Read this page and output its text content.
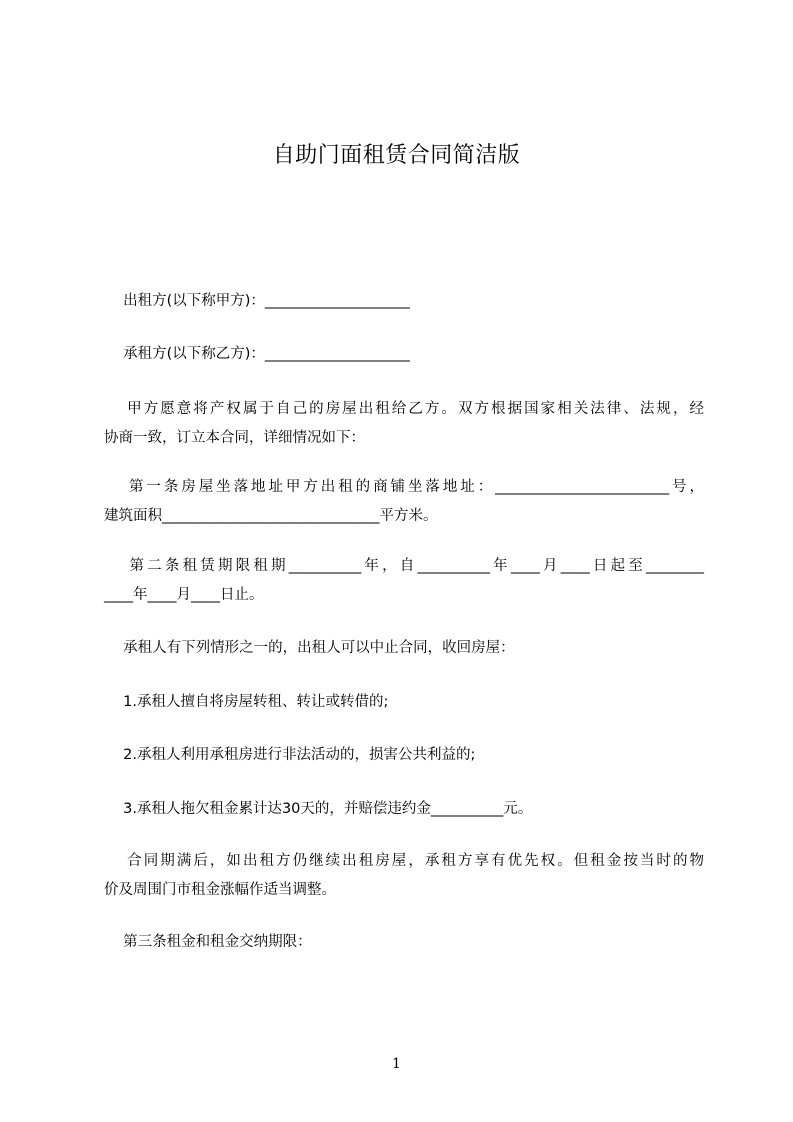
自助门面租赁合同简洁版
　 出租方(以下称甲方)：____________________
　 承租方(以下称乙方)：____________________
　 甲方愿意将产权属于自己的房屋出租给乙方。双方根据国家相关法律、法规，经
协商一致，订立本合同，详细情况如下：
　 第一条房屋坐落地址甲方出租的商铺坐落地址：________________________号，
建筑面积______________________________平方米。
　 第二条租赁期限租期__________年，自__________年____月____日起至________
____年____月____日止。
　 承租人有下列情形之一的，出租人可以中止合同，收回房屋：
　 1.承租人擅自将房屋转租、转让或转借的;
　 2.承租人利用承租房进行非法活动的，损害公共利益的;
　 3.承租人拖欠租金累计达30天的，并赔偿违约金__________元。
　 合同期满后，如出租方仍继续出租房屋，承租方享有优先权。但租金按当时的物
价及周围门市租金涨幅作适当调整。
　 第三条租金和租金交纳期限：
1
